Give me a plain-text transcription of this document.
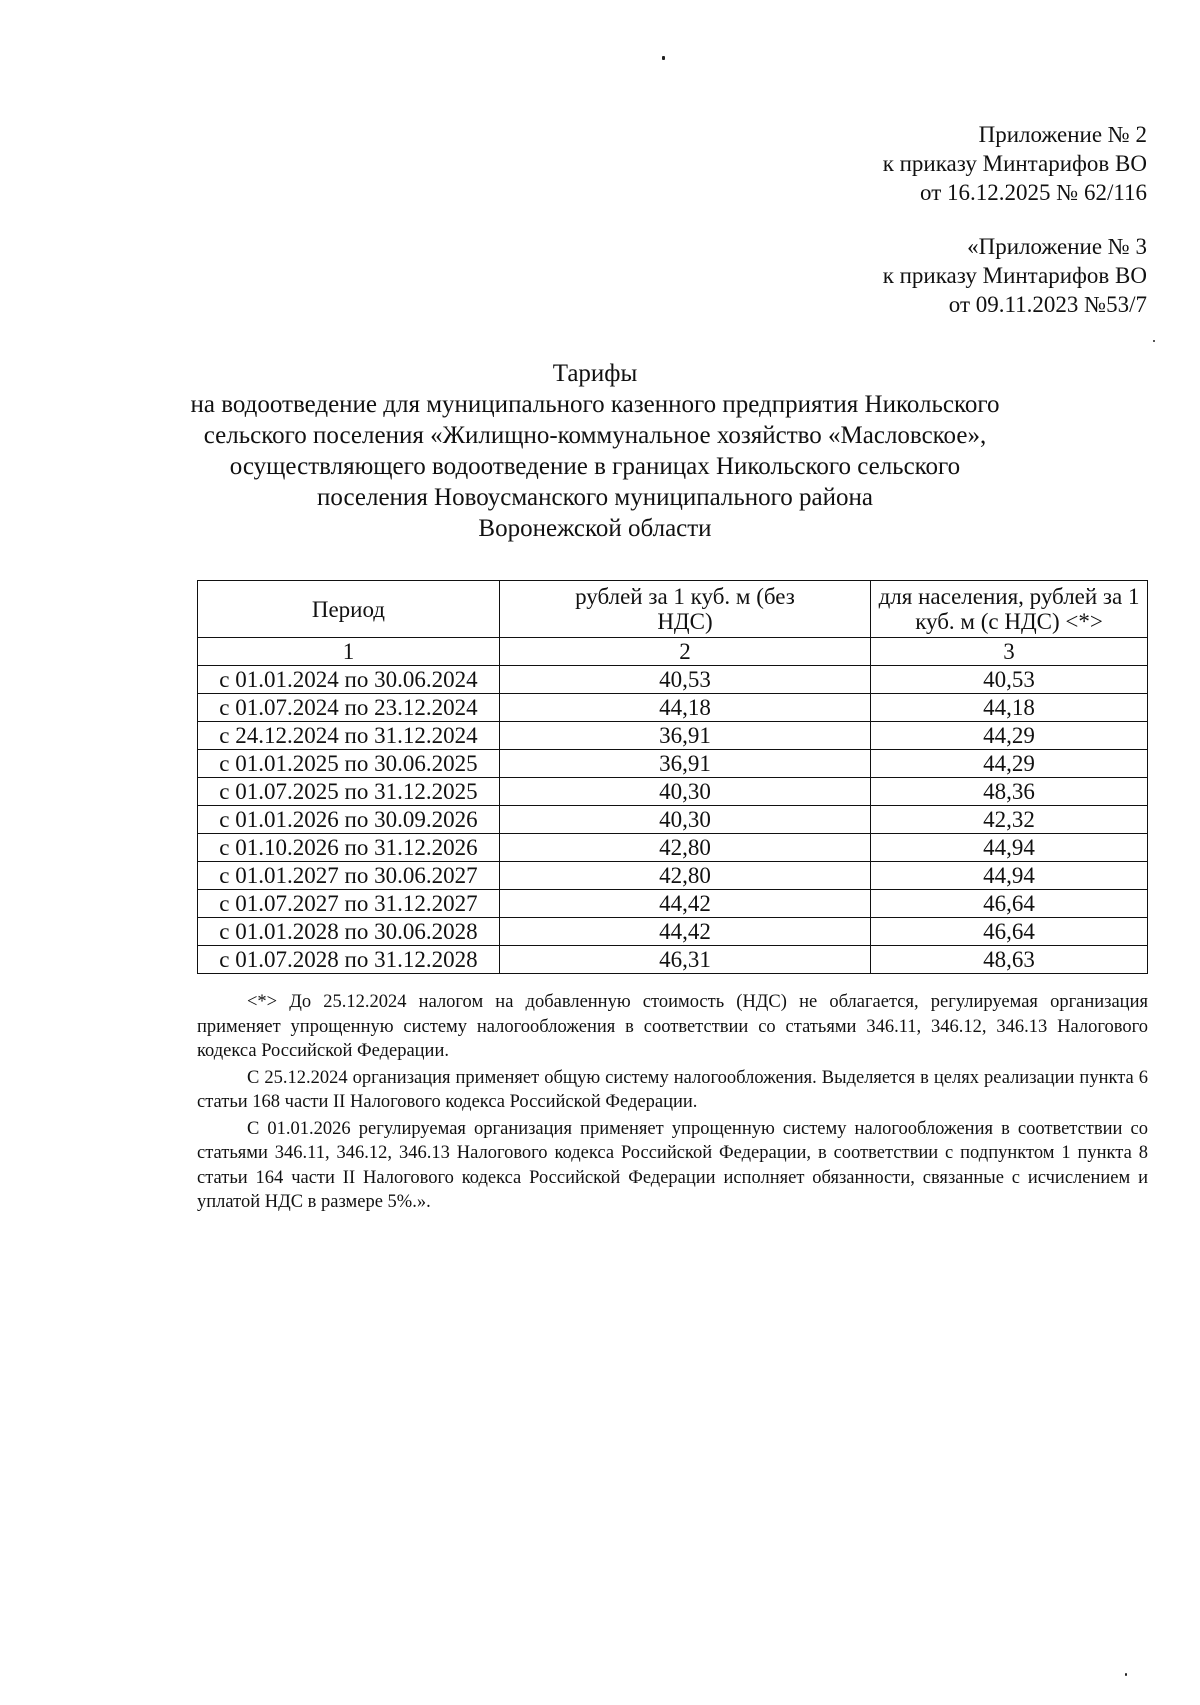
Приложение № 2
к приказу Минтарифов ВО
от 16.12.2025 № 62/116
«Приложение № 3
к приказу Минтарифов ВО
от 09.11.2023 №53/7
Тарифы
на водоотведение для муниципального казенного предприятия Никольского
сельского поселения «Жилищно-коммунальное хозяйство «Масловское»,
осуществляющего водоотведение в границах Никольского сельского
поселения Новоусманского муниципального района
Воронежской области
Период	рублей за 1 куб. м (без НДС)	для населения, рублей за 1 куб. м (с НДС) <*>
1	2	3
с 01.01.2024 по 30.06.2024	40,53	40,53
с 01.07.2024 по 23.12.2024	44,18	44,18
с 24.12.2024 по 31.12.2024	36,91	44,29
с 01.01.2025 по 30.06.2025	36,91	44,29
с 01.07.2025 по 31.12.2025	40,30	48,36
с 01.01.2026 по 30.09.2026	40,30	42,32
с 01.10.2026 по 31.12.2026	42,80	44,94
с 01.01.2027 по 30.06.2027	42,80	44,94
с 01.07.2027 по 31.12.2027	44,42	46,64
с 01.01.2028 по 30.06.2028	44,42	46,64
с 01.07.2028 по 31.12.2028	46,31	48,63

<*> До 25.12.2024 налогом на добавленную стоимость (НДС) не облагается, регулируемая организация применяет упрощенную систему налогообложения в соответствии со статьями 346.11, 346.12, 346.13 Налогового кодекса Российской Федерации.

С 25.12.2024 организация применяет общую систему налогообложения. Выделяется в целях реализации пункта 6 статьи 168 части II Налогового кодекса Российской Федерации.

С 01.01.2026 регулируемая организация применяет упрощенную систему налогообложения в соответствии со статьями 346.11, 346.12, 346.13 Налогового кодекса Российской Федерации, в соответствии с подпунктом 1 пункта 8 статьи 164 части II Налогового кодекса Российской Федерации исполняет обязанности, связанные с исчислением и уплатой НДС в размере 5%.».
